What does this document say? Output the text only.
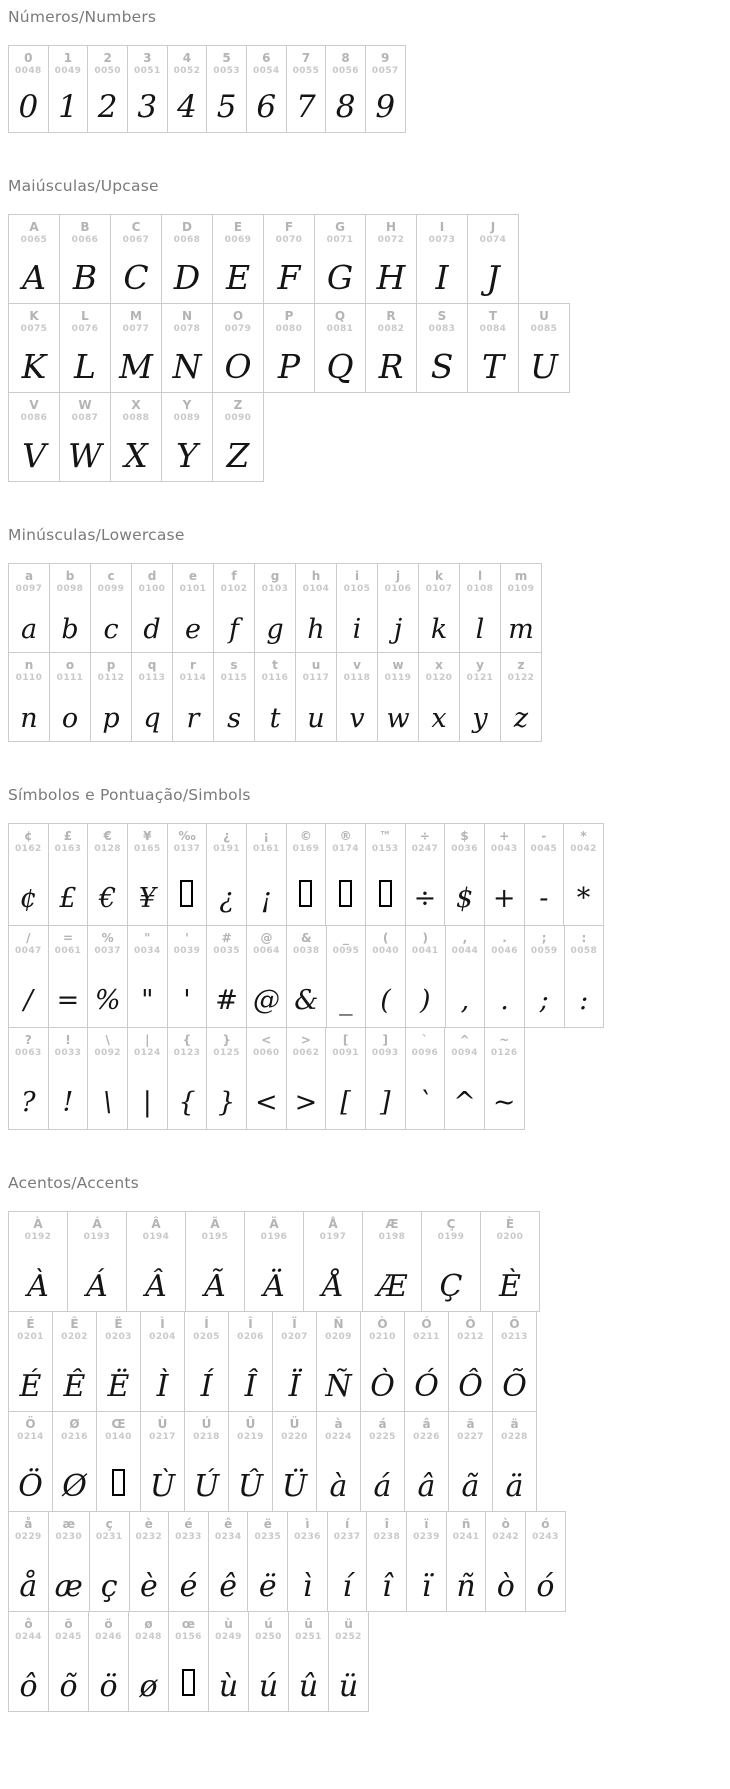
Números/Numbers
0
0048
0
1
0049
1
2
0050
2
3
0051
3
4
0052
4
5
0053
5
6
0054
6
7
0055
7
8
0056
8
9
0057
9
Maiúsculas/Upcase
A
0065
A
B
0066
B
C
0067
C
D
0068
D
E
0069
E
F
0070
F
G
0071
G
H
0072
H
I
0073
I
J
0074
J
K
0075
K
L
0076
L
M
0077
M
N
0078
N
O
0079
O
P
0080
P
Q
0081
Q
R
0082
R
S
0083
S
T
0084
T
U
0085
U
V
0086
V
W
0087
W
X
0088
X
Y
0089
Y
Z
0090
Z
Minúsculas/Lowercase
a
0097
a
b
0098
b
c
0099
c
d
0100
d
e
0101
e
f
0102
f
g
0103
g
h
0104
h
i
0105
i
j
0106
j
k
0107
k
l
0108
l
m
0109
m
n
0110
n
o
0111
o
p
0112
p
q
0113
q
r
0114
r
s
0115
s
t
0116
t
u
0117
u
v
0118
v
w
0119
w
x
0120
x
y
0121
y
z
0122
z
Símbolos e Pontuação/Simbols
¢
0162
¢
£
0163
£
€
0128
€
¥
0165
¥
‰
0137
¿
0191
¿
¡
0161
¡
©
0169
®
0174
™
0153
÷
0247
÷
$
0036
$
+
0043
+
-
0045
-
*
0042
*
/
0047
/
=
0061
=
%
0037
%
"
0034
"
'
0039
'
#
0035
#
@
0064
@
&
0038
&
_
0095
_
(
0040
(
)
0041
)
,
0044
,
.
0046
.
;
0059
;
:
0058
:
?
0063
?
!
0033
!
\
0092
\
|
0124
|
{
0123
{
}
0125
}
<
0060
<
>
0062
>
[
0091
[
]
0093
]
`
0096
`
^
0094
^
~
0126
~
Acentos/Accents
À
0192
À
Á
0193
Á
Â
0194
Â
Ã
0195
Ã
Ä
0196
Ä
Å
0197
Å
Æ
0198
Æ
Ç
0199
Ç
È
0200
È
É
0201
É
Ê
0202
Ê
Ë
0203
Ë
Ì
0204
Ì
Í
0205
Í
Î
0206
Î
Ï
0207
Ï
Ñ
0209
Ñ
Ò
0210
Ò
Ó
0211
Ó
Ô
0212
Ô
Õ
0213
Õ
Ö
0214
Ö
Ø
0216
Ø
Œ
0140
Ù
0217
Ù
Ú
0218
Ú
Û
0219
Û
Ü
0220
Ü
à
0224
à
á
0225
á
â
0226
â
ã
0227
ã
ä
0228
ä
å
0229
å
æ
0230
æ
ç
0231
ç
è
0232
è
é
0233
é
ê
0234
ê
ë
0235
ë
ì
0236
ì
í
0237
í
î
0238
î
ï
0239
ï
ñ
0241
ñ
ò
0242
ò
ó
0243
ó
ô
0244
ô
õ
0245
õ
ö
0246
ö
ø
0248
ø
œ
0156
ù
0249
ù
ú
0250
ú
û
0251
û
ü
0252
ü
